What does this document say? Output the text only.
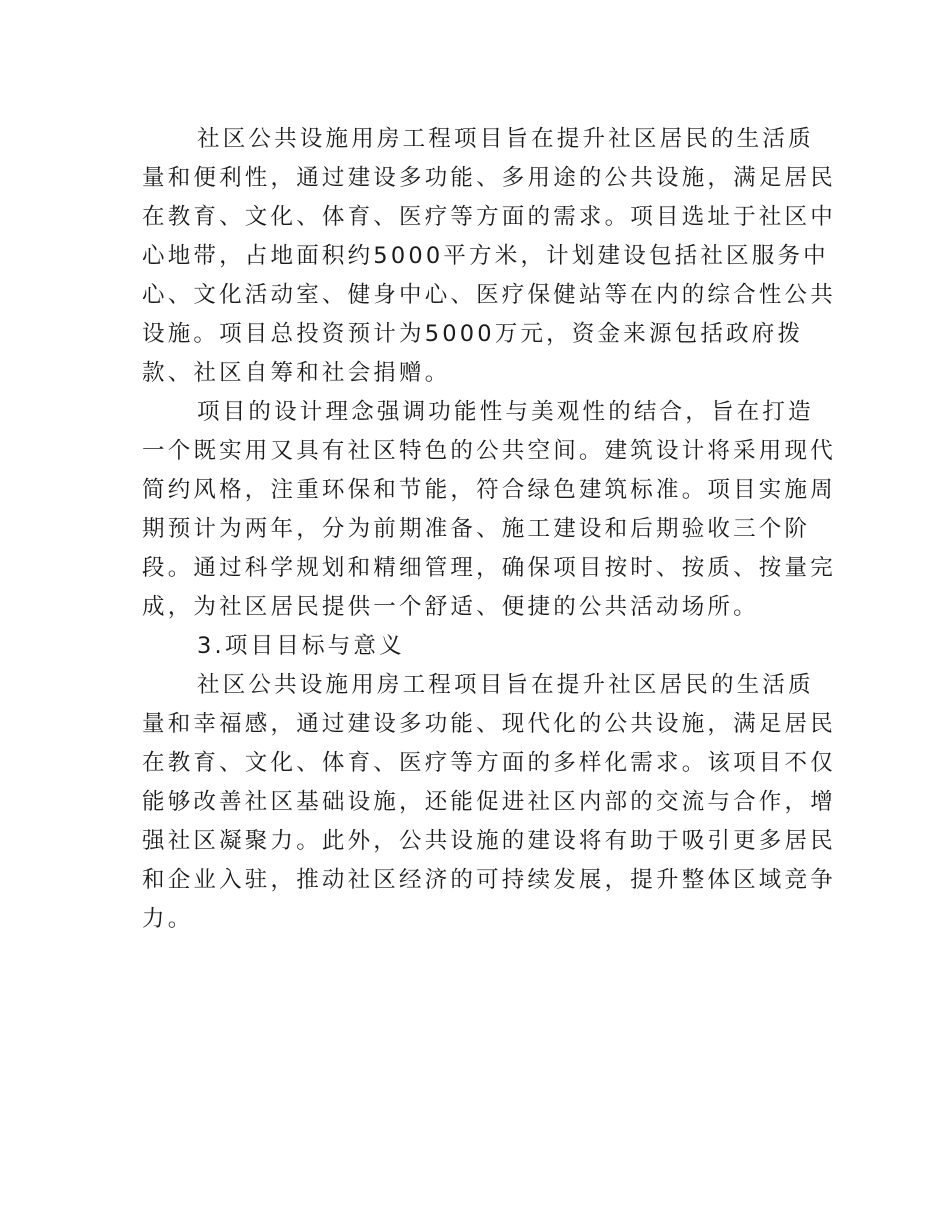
社区公共设施用房工程项目旨在提升社区居民的生活质
量和便利性，通过建设多功能、多用途的公共设施，满足居民
在教育、文化、体育、医疗等方面的需求。项目选址于社区中
心地带，占地面积约5000平方米，计划建设包括社区服务中
心、文化活动室、健身中心、医疗保健站等在内的综合性公共
设施。项目总投资预计为5000万元，资金来源包括政府拨
款、社区自筹和社会捐赠。
项目的设计理念强调功能性与美观性的结合，旨在打造
一个既实用又具有社区特色的公共空间。建筑设计将采用现代
简约风格，注重环保和节能，符合绿色建筑标准。项目实施周
期预计为两年，分为前期准备、施工建设和后期验收三个阶
段。通过科学规划和精细管理，确保项目按时、按质、按量完
成，为社区居民提供一个舒适、便捷的公共活动场所。
3.项目目标与意义
社区公共设施用房工程项目旨在提升社区居民的生活质
量和幸福感，通过建设多功能、现代化的公共设施，满足居民
在教育、文化、体育、医疗等方面的多样化需求。该项目不仅
能够改善社区基础设施，还能促进社区内部的交流与合作，增
强社区凝聚力。此外，公共设施的建设将有助于吸引更多居民
和企业入驻，推动社区经济的可持续发展，提升整体区域竞争
力。
